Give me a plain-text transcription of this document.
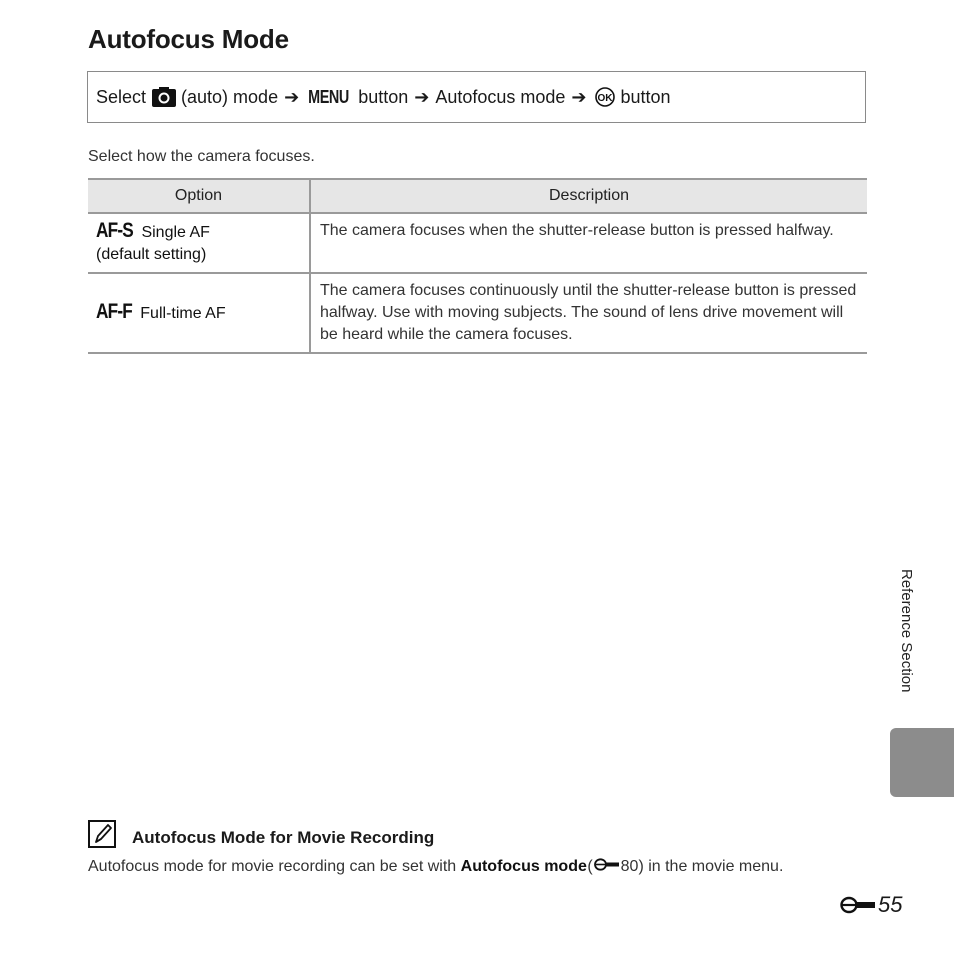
Autofocus Mode
Select (auto) mode ➔ MENU button ➔ Autofocus mode ➔ OK button
Select how the camera focuses.
Option	Description
AF-S Single AF
(default setting)	The camera focuses when the shutter-release button is pressed halfway.
AF-F Full-time AF	The camera focuses continuously until the shutter-release button is pressed halfway. Use with moving subjects. The sound of lens drive movement will be heard while the camera focuses.
Reference Section
Autofocus Mode for Movie Recording
Autofocus mode for movie recording can be set with Autofocus mode ( 80) in the movie menu.
55
